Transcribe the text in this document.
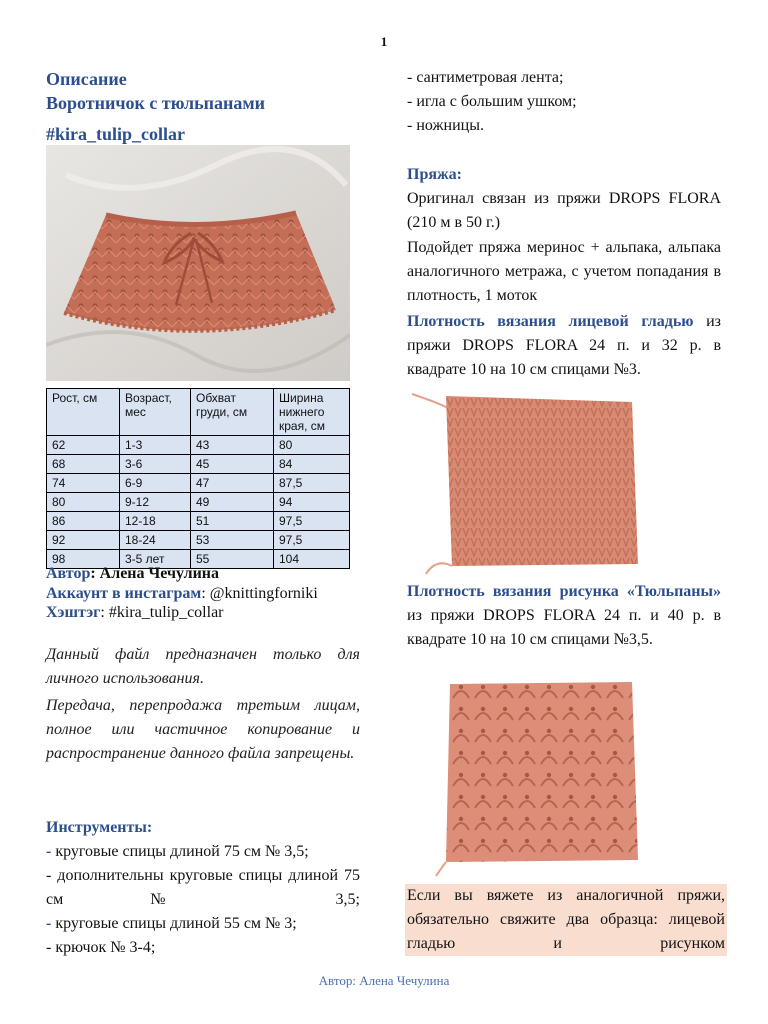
1
Описание
Воротничок с тюльпанами
#kira_tulip_collar
Рост, см	Возраст, мес	Обхват груди, см	Ширина нижнего края, см
62	1-3	43	80
68	3-6	45	84
74	6-9	47	87,5
80	9-12	49	94
86	12-18	51	97,5
92	18-24	53	97,5
98	3-5 лет	55	104
Автор: Алена Чечулина
Аккаунт в инстаграм: @knittingforniki
Хэштэг: #kira_tulip_collar
Данный файл предназначен только для личного использования.
Передача, перепродажа третьим лицам, полное или частичное копирование и распространение данного файла запрещены.
Инструменты:
- круговые спицы длиной 75 см № 3,5;
- дополнительны круговые спицы длиной 75 см № 3,5;
- круговые спицы длиной 55 см № 3;
- крючок № 3-4;
- сантиметровая лента;
- игла с большим ушком;
- ножницы.
Пряжа:
Оригинал связан из пряжи DROPS FLORA (210 м в 50 г.)
Подойдет пряжа меринос + альпака, альпака аналогичного метража, с учетом попадания в плотность, 1 моток
Плотность вязания лицевой гладью из пряжи DROPS FLORA 24 п. и 32 р. в квадрате 10 на 10 см спицами №3.
Плотность вязания рисунка «Тюльпаны» из пряжи DROPS FLORA 24 п. и 40 р. в квадрате 10 на 10 см спицами №3,5.
Если вы вяжете из аналогичной пряжи, обязательно свяжите два образца: лицевой гладью и рисунком
Автор: Алена Чечулина
